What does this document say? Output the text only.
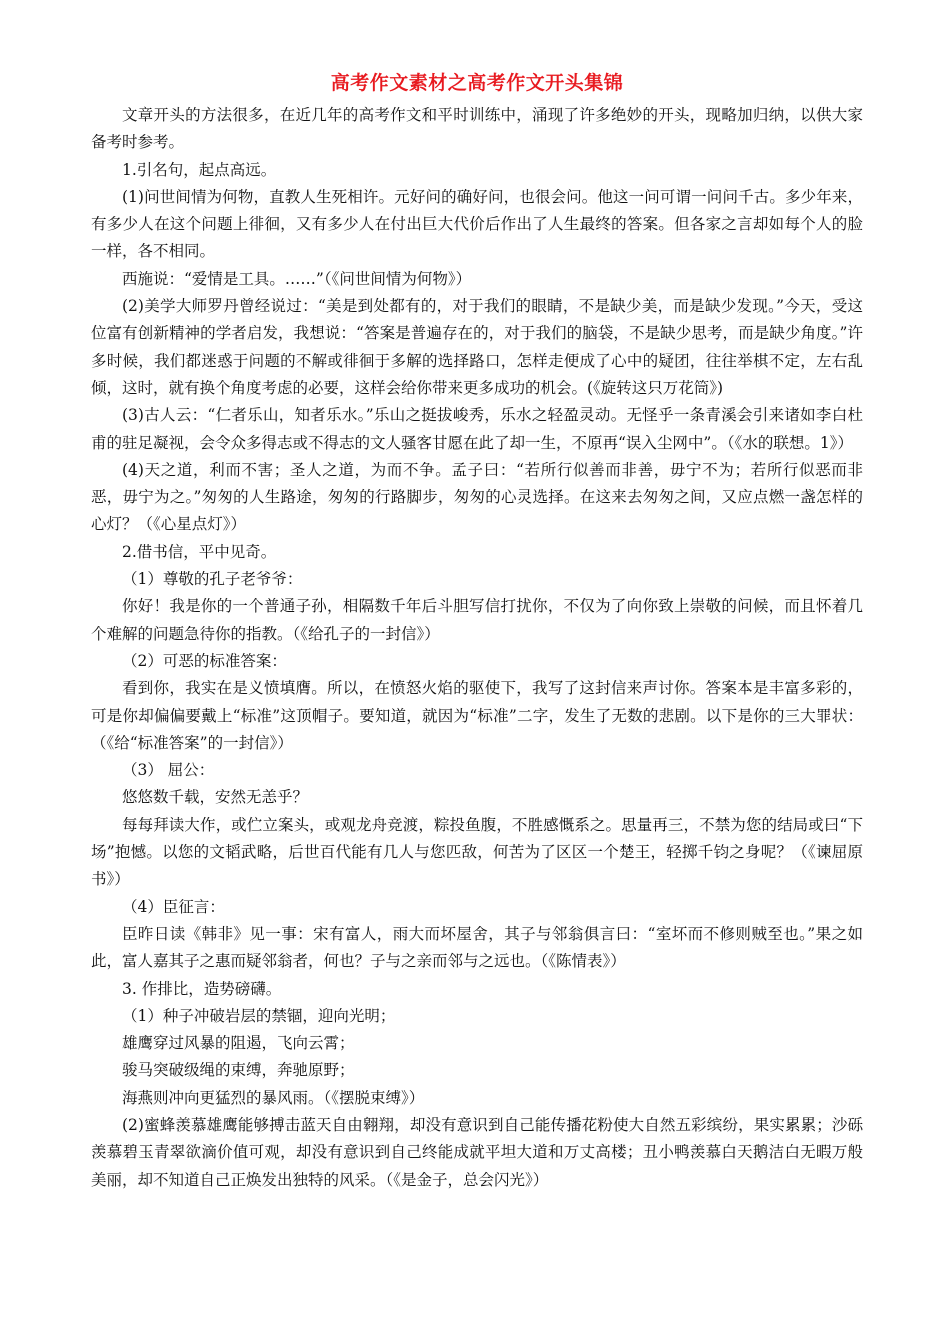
高考作文素材之高考作文开头集锦

文章开头的方法很多，在近几年的高考作文和平时训练中，涌现了许多绝妙的开头，现略加归纳，以供大家备考时参考。

1.引名句，起点高远。

(1)问世间情为何物，直教人生死相许。元好问的确好问，也很会问。他这一问可谓一问问千古。多少年来，有多少人在这个问题上徘徊，又有多少人在付出巨大代价后作出了人生最终的答案。但各家之言却如每个人的脸一样，各不相同。

西施说：“爱情是工具。……”（《问世间情为何物》）

(2)美学大师罗丹曾经说过：“美是到处都有的，对于我们的眼睛，不是缺少美，而是缺少发现。”今天，受这位富有创新精神的学者启发，我想说：“答案是普遍存在的，对于我们的脑袋，不是缺少思考，而是缺少角度。”许多时候，我们都迷惑于问题的不解或徘徊于多解的选择路口，怎样走便成了心中的疑团，往往举棋不定，左右乱倾，这时，就有换个角度考虑的必要，这样会给你带来更多成功的机会。(《旋转这只万花筒》)

(3)古人云：“仁者乐山，知者乐水。”乐山之挺拔峻秀，乐水之轻盈灵动。无怪乎一条青溪会引来诸如李白杜甫的驻足凝视，会令众多得志或不得志的文人骚客甘愿在此了却一生，不原再“误入尘网中”。（《水的联想。1》）

(4)天之道，利而不害；圣人之道，为而不争。孟子曰：“若所行似善而非善，毋宁不为；若所行似恶而非恶，毋宁为之。”匆匆的人生路途，匆匆的行路脚步，匆匆的心灵选择。在这来去匆匆之间，又应点燃一盏怎样的心灯？（《心星点灯》）

2.借书信，平中见奇。

（1）尊敬的孔子老爷爷：

你好！我是你的一个普通子孙，相隔数千年后斗胆写信打扰你，不仅为了向你致上崇敬的问候，而且怀着几个难解的问题急待你的指教。（《给孔子的一封信》）

（2）可恶的标准答案：

看到你，我实在是义愤填膺。所以，在愤怒火焰的驱使下，我写了这封信来声讨你。答案本是丰富多彩的，可是你却偏偏要戴上“标准”这顶帽子。要知道，就因为“标准”二字，发生了无数的悲剧。以下是你的三大罪状：（《给“标准答案”的一封信》）

（3） 屈公：

悠悠数千载，安然无恙乎？

每每拜读大作，或伫立案头，或观龙舟竞渡，粽投鱼腹，不胜感慨系之。思量再三，不禁为您的结局或曰“下场”抱憾。以您的文韬武略，后世百代能有几人与您匹敌，何苦为了区区一个楚王，轻掷千钧之身呢？（《谏屈原书》）

（4）臣征言：

臣昨日读《韩非》见一事：宋有富人，雨大而坏屋舍，其子与邻翁俱言曰：“室坏而不修则贼至也。”果之如此，富人嘉其子之惠而疑邻翁者，何也？子与之亲而邻与之远也。（《陈情表》）

3. 作排比，造势磅礴。

（1）种子冲破岩层的禁锢，迎向光明；

雄鹰穿过风暴的阻遏，飞向云霄；

骏马突破级绳的束缚，奔驰原野；

海燕则冲向更猛烈的暴风雨。（《摆脱束缚》）

(2)蜜蜂羡慕雄鹰能够搏击蓝天自由翱翔，却没有意识到自己能传播花粉使大自然五彩缤纷，果实累累；沙砾羡慕碧玉青翠欲滴价值可观，却没有意识到自己终能成就平坦大道和万丈高楼；丑小鸭羡慕白天鹅洁白无暇万般美丽，却不知道自己正焕发出独特的风采。（《是金子，总会闪光》）
